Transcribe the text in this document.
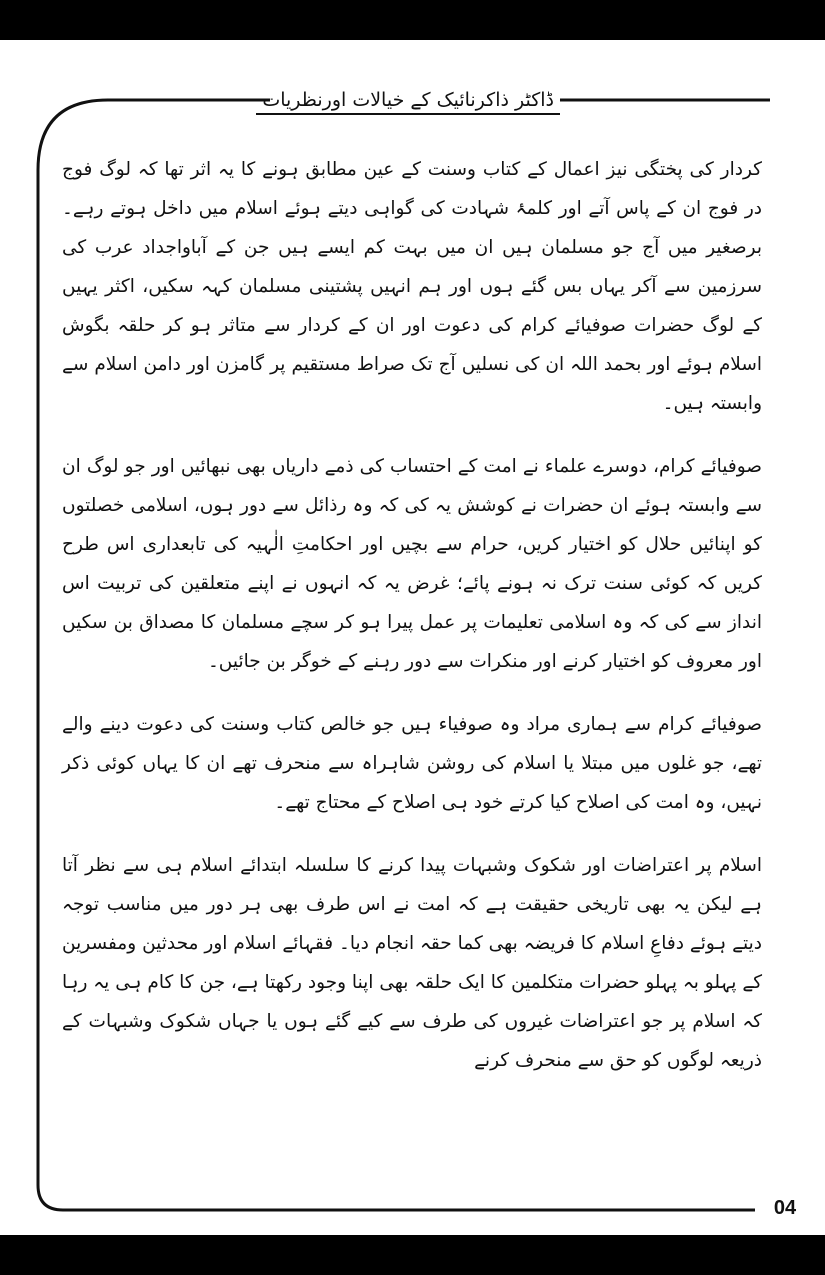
ڈاکٹر ذاکرنائیک کے خیالات اورنظریات

کردار کی پختگی نیز اعمال کے کتاب وسنت کے عین مطابق ہونے کا یہ اثر تھا کہ لوگ فوج در فوج ان کے پاس آتے اور کلمۂ شہادت کی گواہی دیتے ہوئے اسلام میں داخل ہوتے رہے۔ برصغیر میں آج جو مسلمان ہیں ان میں بہت کم ایسے ہیں جن کے آباواجداد عرب کی سرزمین سے آکر یہاں بس گئے ہوں اور ہم انہیں پشتینی مسلمان کہہ سکیں، اکثر یہیں کے لوگ حضرات صوفیائے کرام کی دعوت اور ان کے کردار سے متاثر ہو کر حلقہ بگوش اسلام ہوئے اور بحمد اللہ ان کی نسلیں آج تک صراط مستقیم پر گامزن اور دامن اسلام سے وابستہ ہیں۔

صوفیائے کرام، دوسرے علماء نے امت کے احتساب کی ذمے داریاں بھی نبھائیں اور جو لوگ ان سے وابستہ ہوئے ان حضرات نے کوشش یہ کی کہ وہ رذائل سے دور ہوں، اسلامی خصلتوں کو اپنائیں حلال کو اختیار کریں، حرام سے بچیں اور احکامتِ الٰہیہ کی تابعداری اس طرح کریں کہ کوئی سنت ترک نہ ہونے پائے؛ غرض یہ کہ انہوں نے اپنے متعلقین کی تربیت اس انداز سے کی کہ وہ اسلامی تعلیمات پر عمل پیرا ہو کر سچے مسلمان کا مصداق بن سکیں اور معروف کو اختیار کرنے اور منکرات سے دور رہنے کے خوگر بن جائیں۔

صوفیائے کرام سے ہماری مراد وہ صوفیاء ہیں جو خالص کتاب وسنت کی دعوت دینے والے تھے، جو غلوں میں مبتلا یا اسلام کی روشن شاہراہ سے منحرف تھے ان کا یہاں کوئی ذکر نہیں، وہ امت کی اصلاح کیا کرتے خود ہی اصلاح کے محتاج تھے۔

اسلام پر اعتراضات اور شکوک وشبہات پیدا کرنے کا سلسلہ ابتدائے اسلام ہی سے نظر آتا ہے لیکن یہ بھی تاریخی حقیقت ہے کہ امت نے اس طرف بھی ہر دور میں مناسب توجہ دیتے ہوئے دفاعِ اسلام کا فریضہ بھی کما حقہ انجام دیا۔ فقہائے اسلام اور محدثین ومفسرین کے پہلو بہ پہلو حضرات متکلمین کا ایک حلقہ بھی اپنا وجود رکھتا ہے، جن کا کام ہی یہ رہا کہ اسلام پر جو اعتراضات غیروں کی طرف سے کیے گئے ہوں یا جہاں شکوک وشبہات کے ذریعہ لوگوں کو حق سے منحرف کرنے

04
